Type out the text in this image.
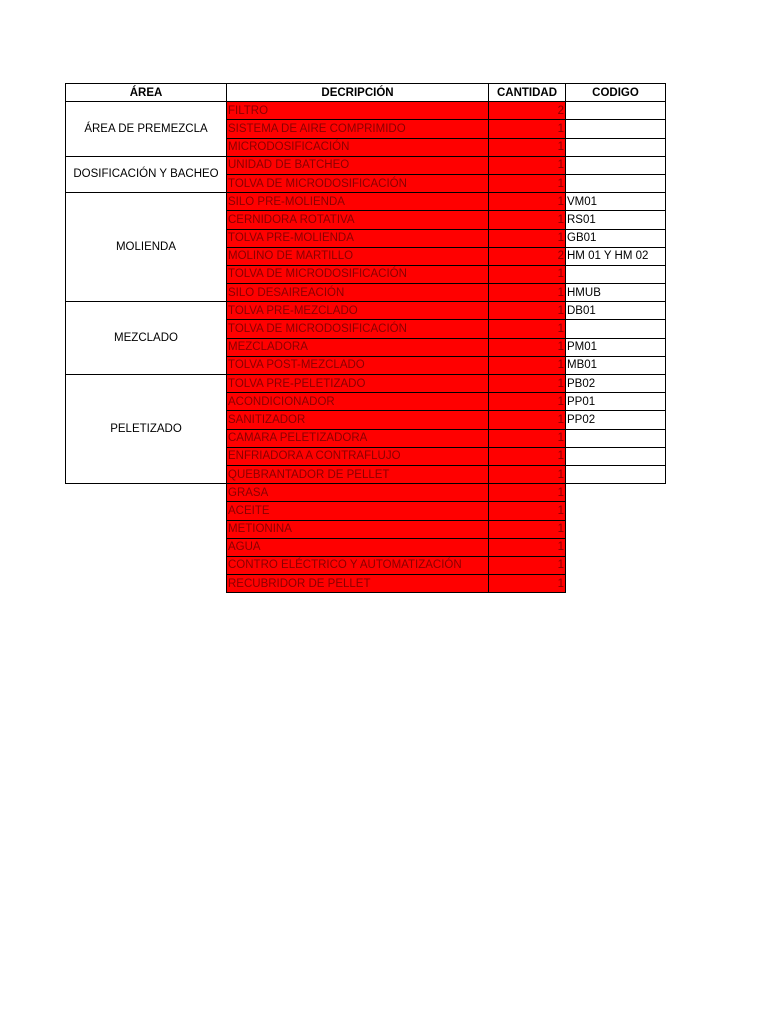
ÁREA	DECRIPCIÓN	CANTIDAD	CODIGO
ÁREA DE PREMEZCLA	FILTRO	2	
	SISTEMA DE AIRE COMPRIMIDO	1	
	MICRODOSIFICACIÓN	1	
DOSIFICACIÓN Y BACHEO	UNIDAD DE BATCHEO	1	
	TOLVA DE MICRODOSIFICACIÓN	1	
MOLIENDA	SILO PRE-MOLIENDA	1	VM01
	CERNIDORA ROTATIVA	1	RS01
	TOLVA PRE-MOLIENDA	1	GB01
	MOLINO DE MARTILLO	2	HM 01 Y HM 02
	TOLVA DE MICRODOSIFICACIÓN	1	
	SILO DESAIREACIÓN	1	HMUB
MEZCLADO	TOLVA PRE-MEZCLADO	1	DB01
	TOLVA DE MICRODOSIFICACIÓN	1	
	MEZCLADORA	1	PM01
	TOLVA POST-MEZCLADO	1	MB01
PELETIZADO	TOLVA PRE-PELETIZADO	1	PB02
	ACONDICIONADOR	1	PP01
	SANITIZADOR	1	PP02
	CAMARA PELETIZADORA	1	
	ENFRIADORA A CONTRAFLUJO	1	
	QUEBRANTADOR DE PELLET	1	
	GRASA	1	
	ACEITE	1	
	METIONINA	1	
	AGUA	1	
	CONTRO ELÉCTRICO Y AUTOMATIZACIÓN	1	
	RECUBRIDOR DE PELLET	1	
